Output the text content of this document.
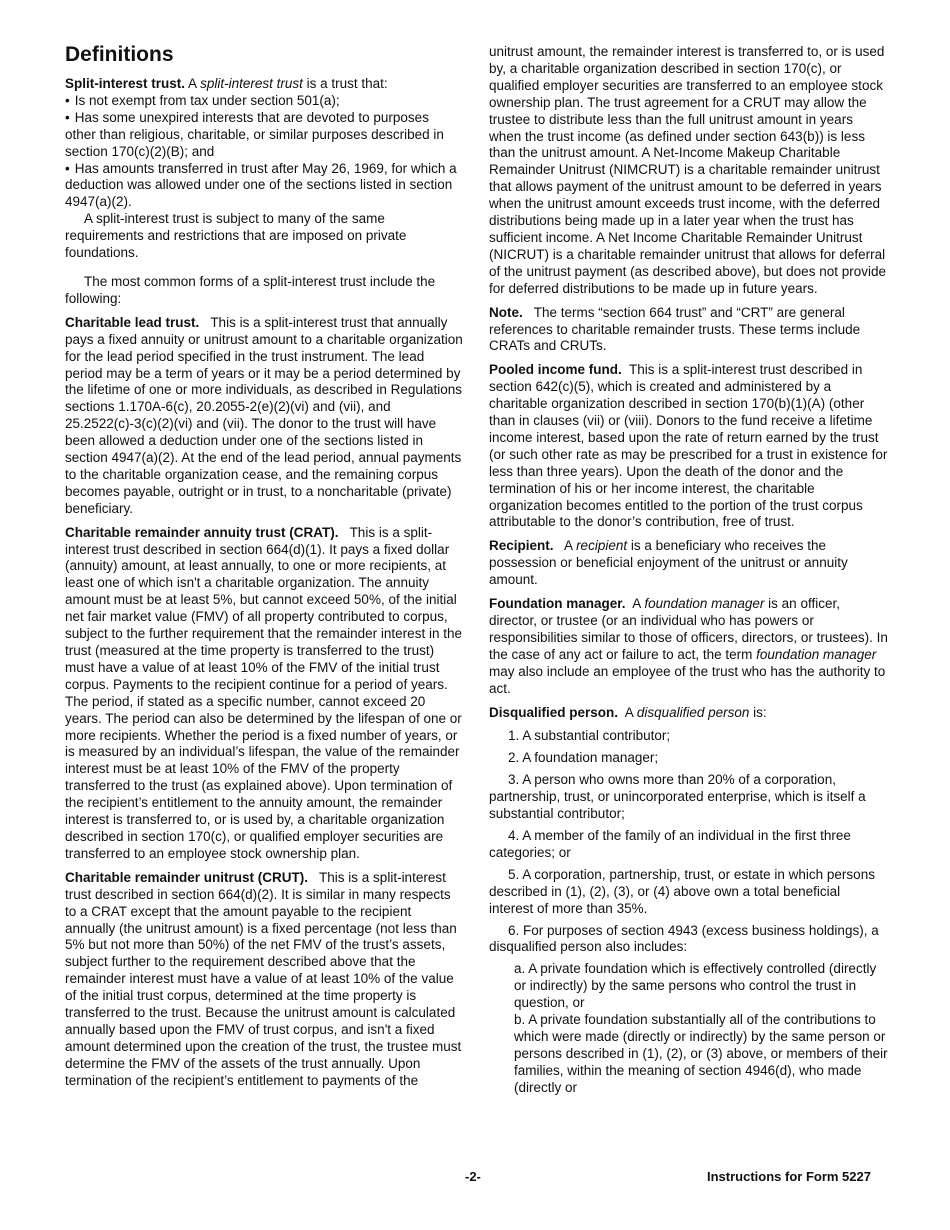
Definitions

Split-interest trust. A split-interest trust is a trust that:

• Is not exempt from tax under section 501(a);

• Has some unexpired interests that are devoted to purposes other than religious, charitable, or similar purposes described in section 170(c)(2)(B); and

• Has amounts transferred in trust after May 26, 1969, for which a deduction was allowed under one of the sections listed in section 4947(a)(2).

A split-interest trust is subject to many of the same requirements and restrictions that are imposed on private foundations.

The most common forms of a split-interest trust include the following:

Charitable lead trust. This is a split-interest trust that annually pays a fixed annuity or unitrust amount to a charitable organization for the lead period specified in the trust instrument. The lead period may be a term of years or it may be a period determined by the lifetime of one or more individuals, as described in Regulations sections 1.170A-6(c), 20.2055-2(e)(2)(vi) and (vii), and 25.2522(c)-3(c)(2)(vi) and (vii). The donor to the trust will have been allowed a deduction under one of the sections listed in section 4947(a)(2). At the end of the lead period, annual payments to the charitable organization cease, and the remaining corpus becomes payable, outright or in trust, to a noncharitable (private) beneficiary.

Charitable remainder annuity trust (CRAT). This is a split-interest trust described in section 664(d)(1). It pays a fixed dollar (annuity) amount, at least annually, to one or more recipients, at least one of which isn't a charitable organization. The annuity amount must be at least 5%, but cannot exceed 50%, of the initial net fair market value (FMV) of all property contributed to corpus, subject to the further requirement that the remainder interest in the trust (measured at the time property is transferred to the trust) must have a value of at least 10% of the FMV of the initial trust corpus. Payments to the recipient continue for a period of years. The period, if stated as a specific number, cannot exceed 20 years. The period can also be determined by the lifespan of one or more recipients. Whether the period is a fixed number of years, or is measured by an individual’s lifespan, the value of the remainder interest must be at least 10% of the FMV of the property transferred to the trust (as explained above). Upon termination of the recipient’s entitlement to the annuity amount, the remainder interest is transferred to, or is used by, a charitable organization described in section 170(c), or qualified employer securities are transferred to an employee stock ownership plan.

Charitable remainder unitrust (CRUT). This is a split-interest trust described in section 664(d)(2). It is similar in many respects to a CRAT except that the amount payable to the recipient annually (the unitrust amount) is a fixed percentage (not less than 5% but not more than 50%) of the net FMV of the trust’s assets, subject further to the requirement described above that the remainder interest must have a value of at least 10% of the value of the initial trust corpus, determined at the time property is transferred to the trust. Because the unitrust amount is calculated annually based upon the FMV of trust corpus, and isn't a fixed amount determined upon the creation of the trust, the trustee must determine the FMV of the assets of the trust annually. Upon termination of the recipient’s entitlement to payments of the

unitrust amount, the remainder interest is transferred to, or is used by, a charitable organization described in section 170(c), or qualified employer securities are transferred to an employee stock ownership plan. The trust agreement for a CRUT may allow the trustee to distribute less than the full unitrust amount in years when the trust income (as defined under section 643(b)) is less than the unitrust amount. A Net-Income Makeup Charitable Remainder Unitrust (NIMCRUT) is a charitable remainder unitrust that allows payment of the unitrust amount to be deferred in years when the unitrust amount exceeds trust income, with the deferred distributions being made up in a later year when the trust has sufficient income. A Net Income Charitable Remainder Unitrust (NICRUT) is a charitable remainder unitrust that allows for deferral of the unitrust payment (as described above), but does not provide for deferred distributions to be made up in future years.

Note. The terms “section 664 trust” and “CRT” are general references to charitable remainder trusts. These terms include CRATs and CRUTs.

Pooled income fund. This is a split-interest trust described in section 642(c)(5), which is created and administered by a charitable organization described in section 170(b)(1)(A) (other than in clauses (vii) or (viii). Donors to the fund receive a lifetime income interest, based upon the rate of return earned by the trust (or such other rate as may be prescribed for a trust in existence for less than three years). Upon the death of the donor and the termination of his or her income interest, the charitable organization becomes entitled to the portion of the trust corpus attributable to the donor’s contribution, free of trust.

Recipient. A recipient is a beneficiary who receives the possession or beneficial enjoyment of the unitrust or annuity amount.

Foundation manager. A foundation manager is an officer, director, or trustee (or an individual who has powers or responsibilities similar to those of officers, directors, or trustees). In the case of any act or failure to act, the term foundation manager may also include an employee of the trust who has the authority to act.

Disqualified person. A disqualified person is:

1. A substantial contributor;

2. A foundation manager;

3. A person who owns more than 20% of a corporation, partnership, trust, or unincorporated enterprise, which is itself a substantial contributor;

4. A member of the family of an individual in the first three categories; or

5. A corporation, partnership, trust, or estate in which persons described in (1), (2), (3), or (4) above own a total beneficial interest of more than 35%.

6. For purposes of section 4943 (excess business holdings), a disqualified person also includes:

a. A private foundation which is effectively controlled (directly or indirectly) by the same persons who control the trust in question, or

b. A private foundation substantially all of the contributions to which were made (directly or indirectly) by the same person or persons described in (1), (2), or (3) above, or members of their families, within the meaning of section 4946(d), who made (directly or

-2-	Instructions for Form 5227
